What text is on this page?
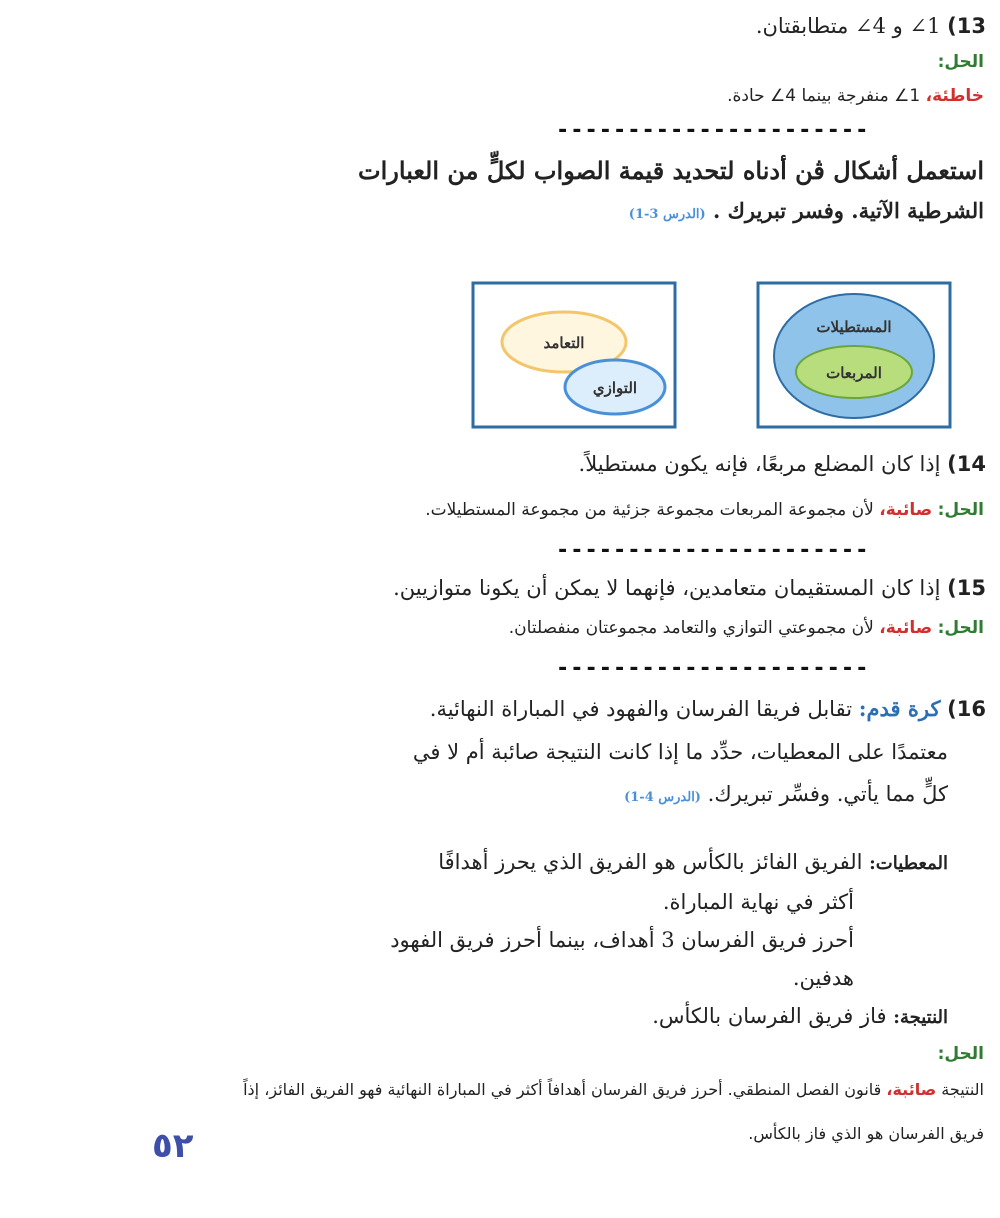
13) 1∠ و 4∠ متطابقتان.
الحل:
خاطئة، 1∠ منفرجة بينما 4∠ حادة.
----------------------
استعمل أشكال ڤن أدناه لتحديد قيمة الصواب لكلٍّ من العبارات
الشرطية الآتية. وفسر تبريرك . (الدرس 3-1)
التعامد
التوازي
المستطيلات
المربعات
14) إذا كان المضلع مربعًا، فإنه يكون مستطيلاً.
الحل: صائبة، لأن مجموعة المربعات مجموعة جزئية من مجموعة المستطيلات.
----------------------
15) إذا كان المستقيمان متعامدين، فإنهما لا يمكن أن يكونا متوازيين.
الحل: صائبة، لأن مجموعتي التوازي والتعامد مجموعتان منفصلتان.
----------------------
16) كرة قدم: تقابل فريقا الفرسان والفهود في المباراة النهائية.
معتمدًا على المعطيات، حدِّد ما إذا كانت النتيجة صائبة أم لا في
كلٍّ مما يأتي. وفسِّر تبريرك. (الدرس 4-1)
المعطيات: الفريق الفائز بالكأس هو الفريق الذي يحرز أهدافًا
أكثر في نهاية المباراة.
أحرز فريق الفرسان 3 أهداف، بينما أحرز فريق الفهود
هدفين.
النتيجة: فاز فريق الفرسان بالكأس.
الحل:
النتيجة صائبة، قانون الفصل المنطقي. أحرز فريق الفرسان أهدافاً أكثر في المباراة النهائية فهو الفريق الفائز، إذاً
فريق الفرسان هو الذي فاز بالكأس.
٥٢
